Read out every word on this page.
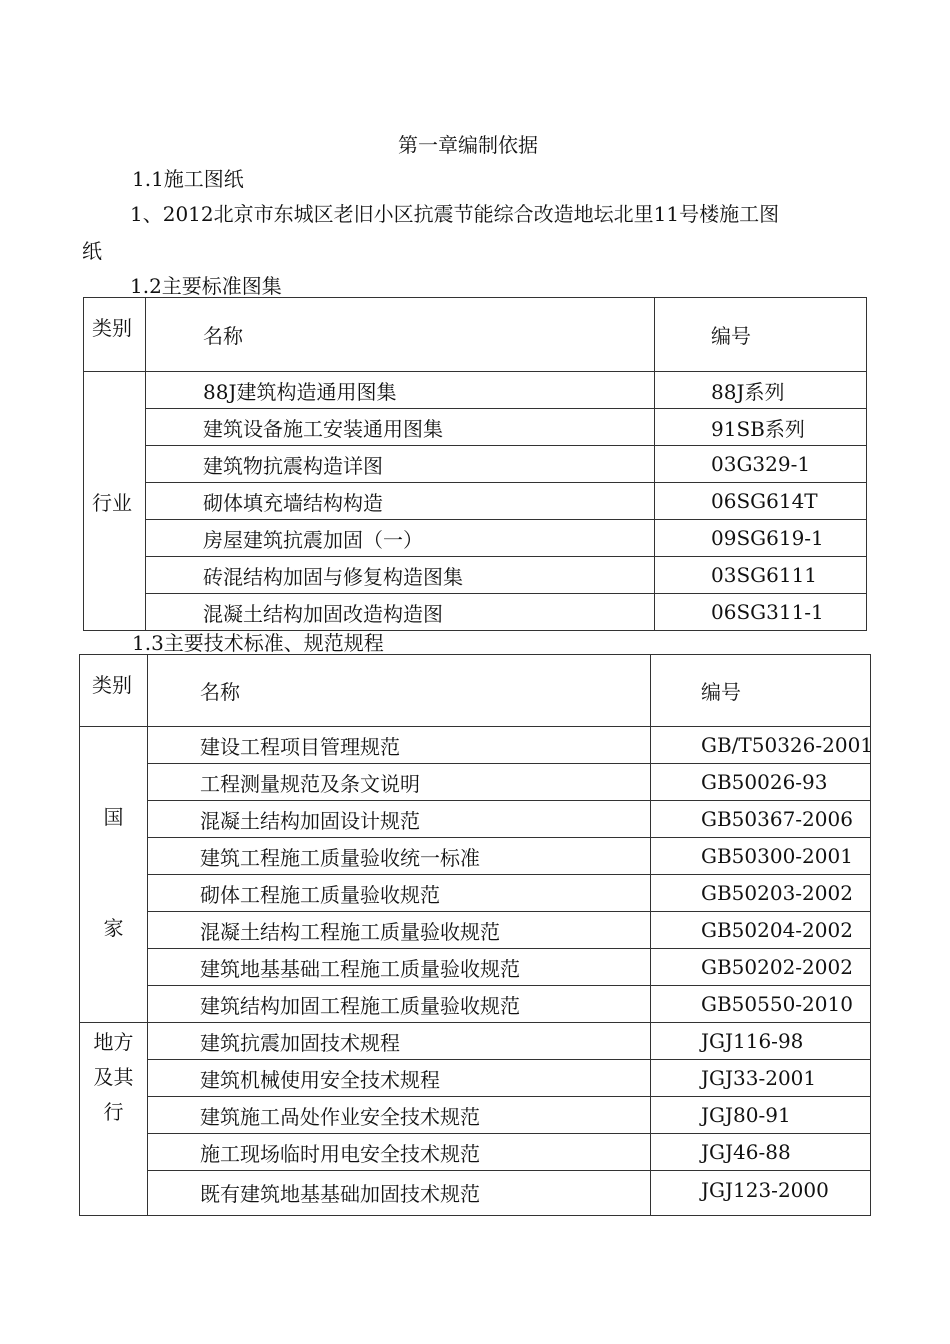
第一章编制依据
1.1施工图纸
1、2012北京市东城区老旧小区抗震节能综合改造地坛北里11号楼施工图
纸
1.2主要标准图集
类别	名称	编号
行业	88J建筑构造通用图集	88J系列
	建筑设备施工安装通用图集	91SB系列
	建筑物抗震构造详图	03G329-1
	砌体填充墙结构构造	06SG614T
	房屋建筑抗震加固（一）	09SG619-1
	砖混结构加固与修复构造图集	03SG6111
	混凝土结构加固改造构造图	06SG311-1
1.3主要技术标准、规范规程
类别	名称	编号

国
家	建设工程项目管理规范	GB/T50326-2001
	工程测量规范及条文说明	GB50026-93
	混凝土结构加固设计规范	GB50367-2006
	建筑工程施工质量验收统一标准	GB50300-2001
	砌体工程施工质量验收规范	GB50203-2002
	混凝土结构工程施工质量验收规范	GB50204-2002
	建筑地基基础工程施工质量验收规范	GB50202-2002
	建筑结构加固工程施工质量验收规范	GB50550-2010

地方
及其
行	建筑抗震加固技术规程	JGJ116-98
	建筑机械使用安全技术规程	JGJ33-2001
	建筑施工咼处作业安全技术规范	JGJ80-91
	施工现场临时用电安全技术规范	JGJ46-88
	既有建筑地基基础加固技术规范	JGJ123-2000
